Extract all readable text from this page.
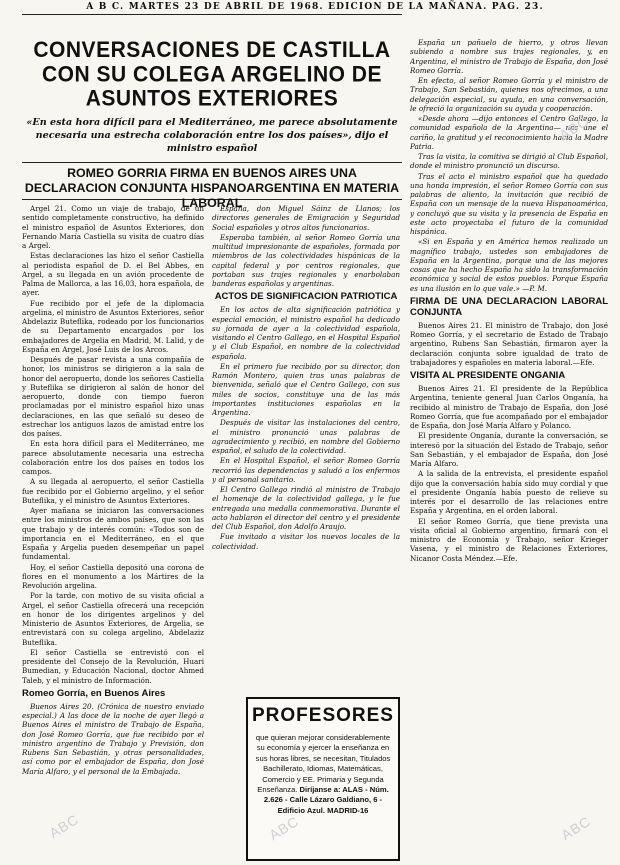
A B C. MARTES 23 DE ABRIL DE 1968. EDICION DE LA MAÑANA. PAG. 23.
CONVERSACIONES DE CASTILLA CON SU COLEGA ARGELINO DE ASUNTOS EXTERIORES
«En esta hora difícil para el Mediterráneo, me parece absolutamente necesaria una estrecha colaboración entre los dos países», dijo el ministro español
ROMEO GORRIA FIRMA EN BUENOS AIRES UNA DECLARACION CONJUNTA HISPANOARGENTINA EN MATERIA LABORAL

Argel 21. Como un viaje de trabajo, de un sentido completamente constructivo, ha definido el ministro español de Asuntos Exteriores, don Fernando María Castiella su visita de cuatro días a Argel.

Estas declaraciones las hizo el señor Castiella al periodista español de D. el Bel Abbes, en Argel, a su llegada en un avión procedente de Palma de Mallorca, a las 16,03, hora española, de ayer.

Fue recibido por el jefe de la diplomacia argelina, el ministro de Asuntos Exteriores, señor Abdelaziz Buteflika, rodeado por los funcionarios de su Departamento encargados por los embajadores de Argelia en Madrid, M. Lalid, y de España en Argel, José Luis de los Arcos.

Después de pasar revista a una compañía de honor, los ministros se dirigieron a la sala de honor del aeropuerto, donde los señores Castiella y Buteflika se dirigieron al salón de honor del aeropuerto, donde con tiempo fueron proclamadas por el ministro español hizo unas declaraciones, en las que señaló su deseo de estrechar los antiguos lazos de amistad entre los dos países.

En esta hora difícil para el Mediterráneo, me parece absolutamente necesaria una estrecha colaboración entre los dos países en todos los campos.

A su llegada al aeropuerto, el señor Castiella fue recibido por el Gobierno argelino, y el señor Buteflika, y el ministro de Asuntos Exteriores.

Ayer mañana se iniciaron las conversaciones entre los ministros de ambos países, que son las que trabajo y de interés común: «Todos son de importancia en el Mediterráneo, en el que España y Argelia pueden desempeñar un papel fundamental.

Hoy, el señor Castiella depositó una corona de flores en el monumento a los Mártires de la Revolución argelina.

Por la tarde, con motivo de su visita oficial a Argel, el señor Castiella ofrecerá una recepción en honor de los dirigentes argelinos y del Ministerio de Asuntos Exteriores, de Argelia, se entrevistará con su colega argelino, Abdelaziz Buteflika.

El señor Castiella se entrevistó con el presidente del Consejo de la Revolución, Huari Bumedian, y Educación Nacional, doctor Ahmed Taleb, y el ministro de Información.

Romeo Gorría, en Buenos Aires

Buenos Aires 20. (Crónica de nuestro enviado especial.) A las doce de la noche de ayer llegó a Buenos Aires el ministro de Trabajo de España, don José Romeo Gorría, que fue recibido por el ministro argentino de Trabajo y Previsión, don Rubens San Sebastián, y otras personalidades, así como por el embajador de España, don José María Alfaro, y el personal de la Embajada.

España, don Miguel Sáinz de Llanos; los directores generales de Emigración y Seguridad Social españoles y otros altos funcionarios.

Esperaba también, al señor Romeo Gorría una multitud impresionante de españoles, formada por miembros de las colectividades hispánicas de la capital federal y por centros regionales, que portaban sus trajes regionales y enarbolaban banderas españolas y argentinas.

ACTOS DE SIGNIFICACION PATRIOTICA

En los actos de alta significación patriótica y especial emoción, el ministro español ha dedicado su jornada de ayer a la colectividad española, visitando el Centro Gallego, en el Hospital Español y el Club Español, en nombre de la colectividad española.

En el primero fue recibido por su director, don Ramón Montero, quien tras unas palabras de bienvenida, señaló que el Centro Gallego, con sus miles de socios, constituye una de las más importantes instituciones españolas en la Argentina.

Después de visitar las instalaciones del centro, el ministro pronunció unas palabras de agradecimiento y recibió, en nombre del Gobierno español, el saludo de la colectividad.

En el Hospital Español, el señor Romeo Gorría recorrió las dependencias y saludó a los enfermos y al personal sanitario.

El Centro Gallego rindió al ministro de Trabajo el homenaje de la colectividad gallega, y le fue entregada una medalla conmemorativa. Durante el acto hablaron el director del centro y el presidente del Club Español, don Adolfo Araujo.

Fue invitado a visitar los nuevos locales de la colectividad.

PROFESORES
que quieran mejorar considerablemente su economía y ejercer la enseñanza en sus horas libres, se necesitan, Titulados Bachillerato, Idiomas, Matemáticas, Comercio y EE. Primaria y Segunda Enseñanza. Diríjanse a: ALAS - Núm. 2.626 - Calle Lázaro Galdiano, 6 - Edificio Azul. MADRID-16

España un pañuelo de hierro, y otros llevan subiendo a nombre sus trajes regionales, y, en Argentina, el ministro de Trabajo de España, don José Romeo Gorría.

En efecto, al señor Romeo Gorría y el ministro de Trabajo, San Sebastián, quienes nos ofrecimos, a una delegación especial, su ayuda, en una conversación, le ofreció la organización su ayuda y cooperación.

«Desde ahora —dijo entonces el Centro Gallego, la comunidad española de la Argentina— nos une el cariño, la gratitud y el reconocimiento hacia la Madre Patria.

Tras la visita, la comitiva se dirigió al Club Español, donde el ministro pronunció un discurso.

Tras el acto el ministro español que ha quedado una honda impresión, el señor Romeo Gorría con sus palabras de aliento, la invitación que recibió de España con un mensaje de la nueva Hispanoamérica, y concluyó que su visita y la presencia de España en este acto proyectaba el futuro de la comunidad hispánica.

«Si en España y en América hemos realizado un magnífico trabajo, ustedes son embajadores de España en la Argentina, porque una de las mejores cosas que ha hecho España ha sido la transformación económica y social de estos pueblos. Porque España es una ilusión en lo que vale.» —P. M.

FIRMA DE UNA DECLARACION LABORAL CONJUNTA

Buenos Aires 21. El ministro de Trabajo, don José Romeo Gorría, y el secretario de Estado de Trabajo argentino, Rubens San Sebastián, firmaron ayer la declaración conjunta sobre igualdad de trato de trabajadores y españoles en materia laboral.—Efe.

VISITA AL PRESIDENTE ONGANIA

Buenos Aires 21. El presidente de la República Argentina, teniente general Juan Carlos Onganía, ha recibido al ministro de Trabajo de España, don José Romeo Gorría, que fue acompañado por el embajador de España, don José María Alfaro y Polanco.

El presidente Onganía, durante la conversación, se interesó por la situación del Estado de Trabajo, señor San Sebastián, y el embajador de España, don José María Alfaro.

A la salida de la entrevista, el presidente español dijo que la conversación había sido muy cordial y que el presidente Onganía había puesto de relieve su interés por el desarrollo de las relaciones entre España y Argentina, en el orden laboral.

El señor Romeo Gorría, que tiene prevista una visita oficial al Gobierno argentino, firmará con el ministro de Economía y Trabajo, señor Krieger Vasena, y el ministro de Relaciones Exteriores, Nicanor Costa Méndez.—Efe.

ABC	ABC	ABC
ABC
